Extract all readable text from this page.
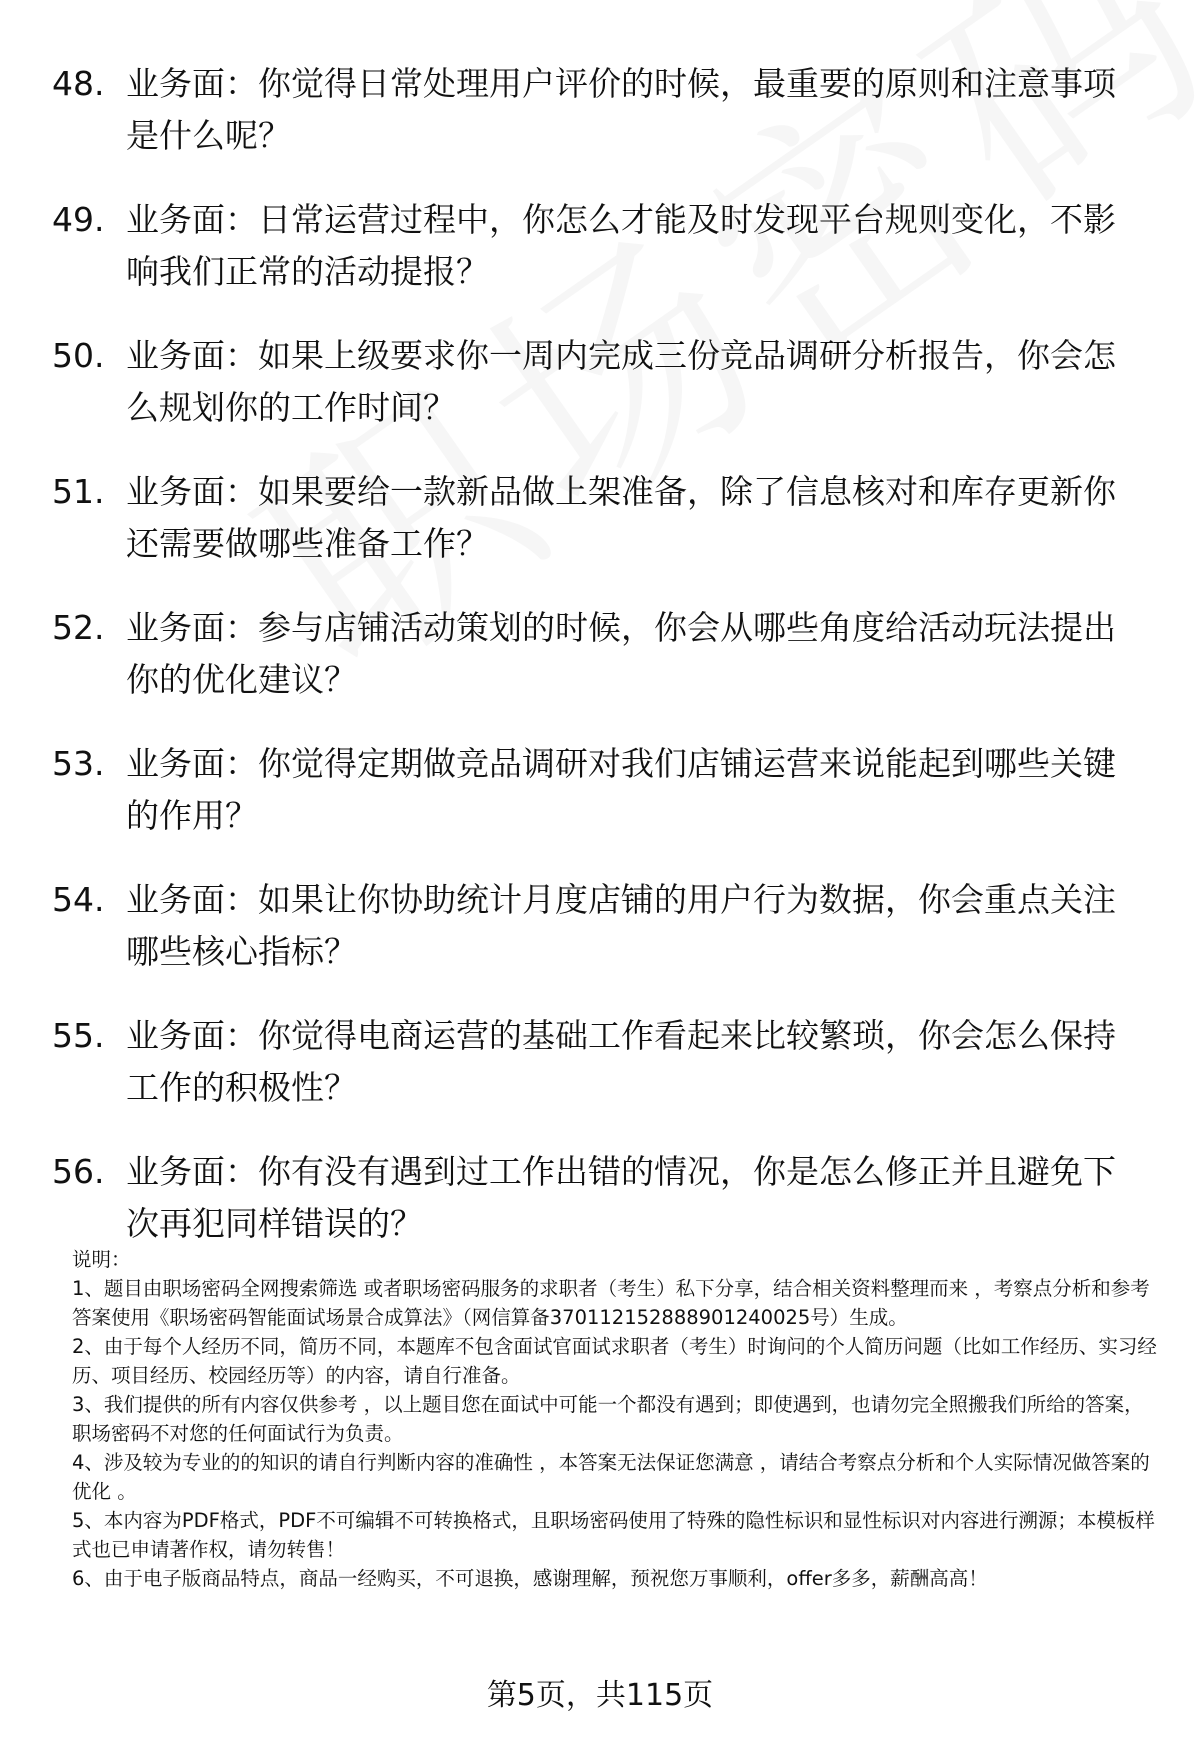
48. 业务面：你觉得日常处理用户评价的时候，最重要的原则和注意事项是什么呢？
49. 业务面：日常运营过程中，你怎么才能及时发现平台规则变化，不影响我们正常的活动提报？
50. 业务面：如果上级要求你一周内完成三份竞品调研分析报告，你会怎么规划你的工作时间？
51. 业务面：如果要给一款新品做上架准备，除了信息核对和库存更新你还需要做哪些准备工作？
52. 业务面：参与店铺活动策划的时候，你会从哪些角度给活动玩法提出你的优化建议？
53. 业务面：你觉得定期做竞品调研对我们店铺运营来说能起到哪些关键的作用？
54. 业务面：如果让你协助统计月度店铺的用户行为数据，你会重点关注哪些核心指标？
55. 业务面：你觉得电商运营的基础工作看起来比较繁琐，你会怎么保持工作的积极性？
56. 业务面：你有没有遇到过工作出错的情况，你是怎么修正并且避免下次再犯同样错误的？

说明：

1、题目由职场密码全网搜索筛选 或者职场密码服务的求职者（考生）私下分享，结合相关资料整理而来 ，考察点分析和参考答案使用《职场密码智能面试场景合成算法》（网信算备370112152888901240025号）生成。

2、由于每个人经历不同，简历不同，本题库不包含面试官面试求职者（考生）时询问的个人简历问题（比如工作经历、实习经历、项目经历、校园经历等）的内容，请自行准备。

3、我们提供的所有内容仅供参考 ，以上题目您在面试中可能一个都没有遇到；即使遇到，也请勿完全照搬我们所给的答案，职场密码不对您的任何面试行为负责。

4、涉及较为专业的的知识的请自行判断内容的准确性 ，本答案无法保证您满意 ，请结合考察点分析和个人实际情况做答案的优化 。

5、本内容为PDF格式，PDF不可编辑不可转换格式，且职场密码使用了特殊的隐性标识和显性标识对内容进行溯源；本模板样式也已申请著作权，请勿转售！

6、由于电子版商品特点，商品一经购买，不可退换，感谢理解，预祝您万事顺利，offer多多，薪酬高高！

第5页，共115页
